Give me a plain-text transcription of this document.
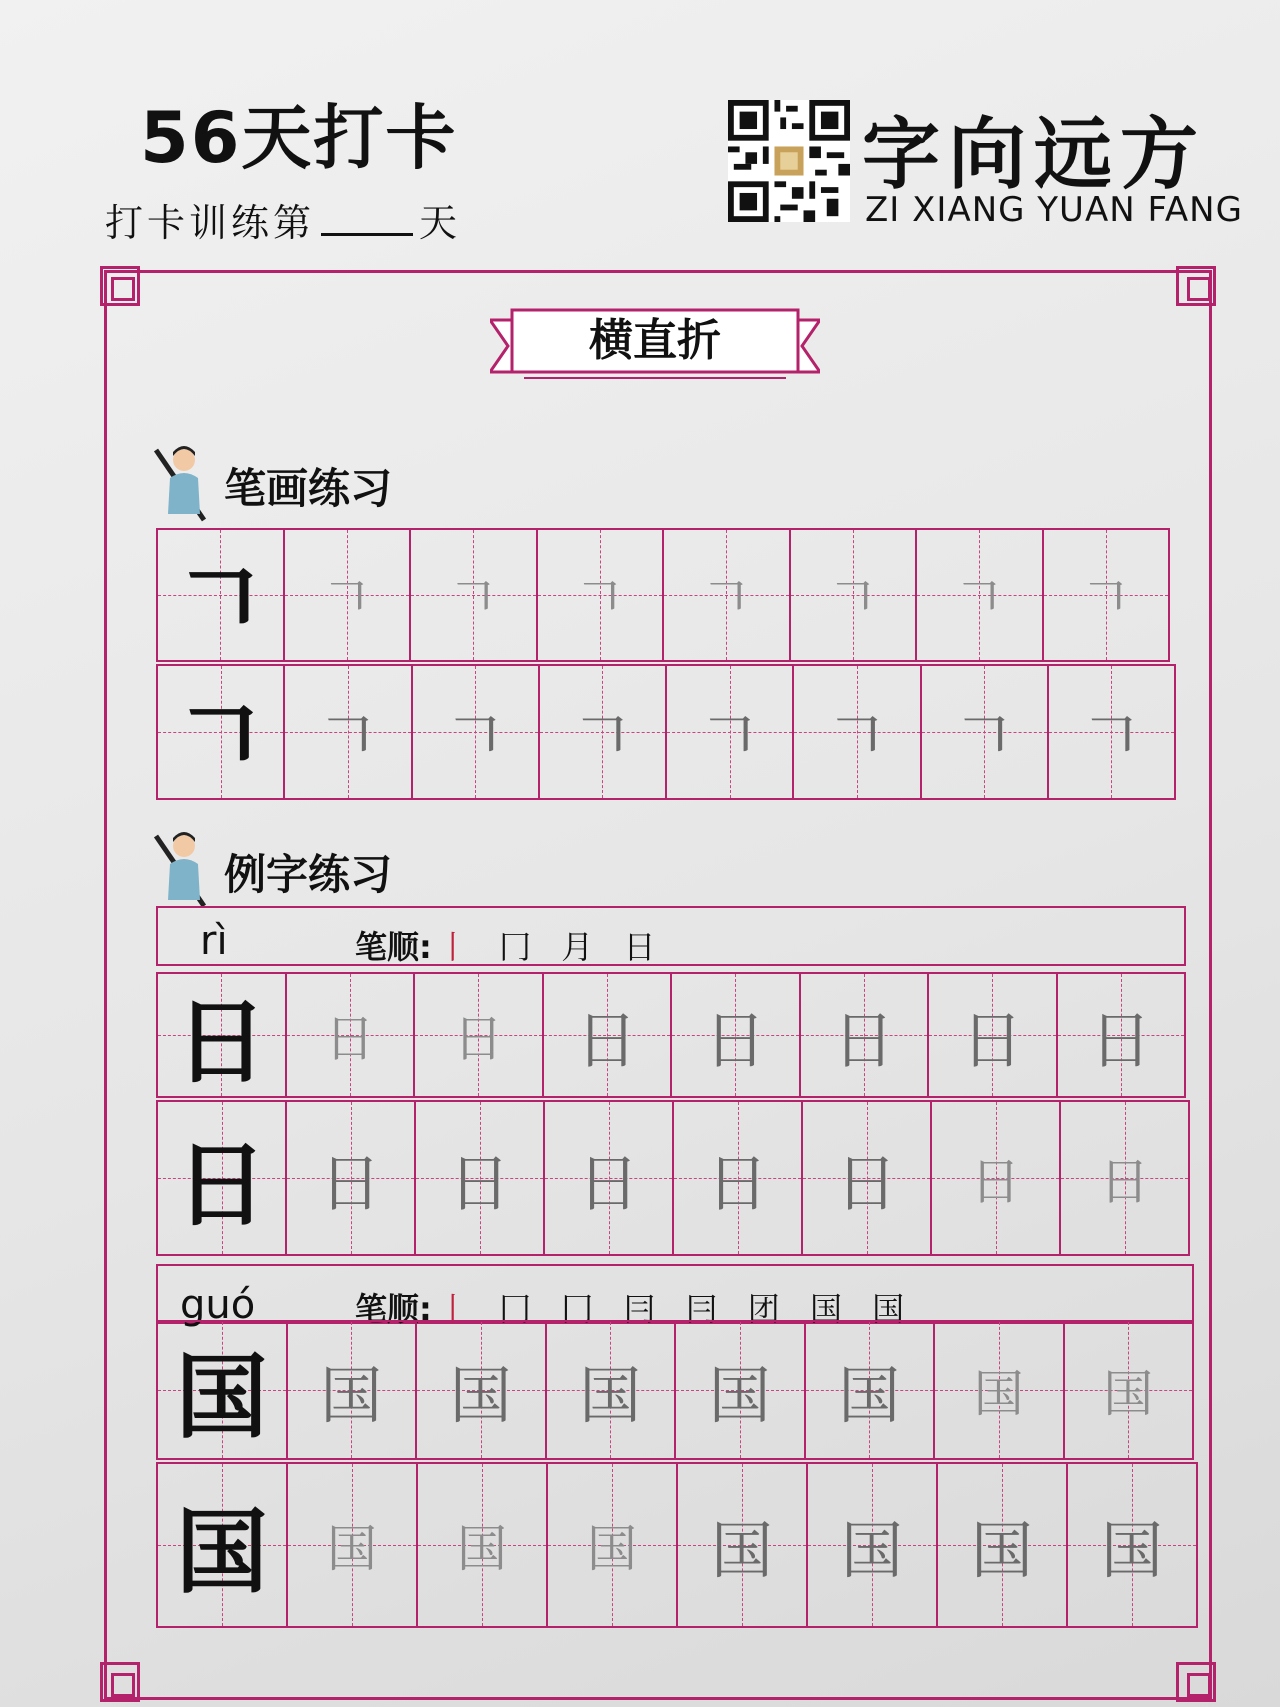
56天打卡
打卡训练第	天
字向远方
ZI XIANG YUAN FANG
横直折
笔画练习
𠃍	𠃍	𠃍	𠃍	𠃍	𠃍	𠃍	𠃍
𠃍 𠃍	𠃍	𠃍	𠃍	𠃍	𠃍	𠃍
例字练习
rì	笔顺: 丨 冂 月 日
日	日	日	日	日	日	日	日
日 日	日	日	日	日	日	日
guó	笔顺: 丨 冂 冂 冃 冃 团 国 国
国 国	国	国	国	国	国	国
国	国	国	国	国	国	国	国
